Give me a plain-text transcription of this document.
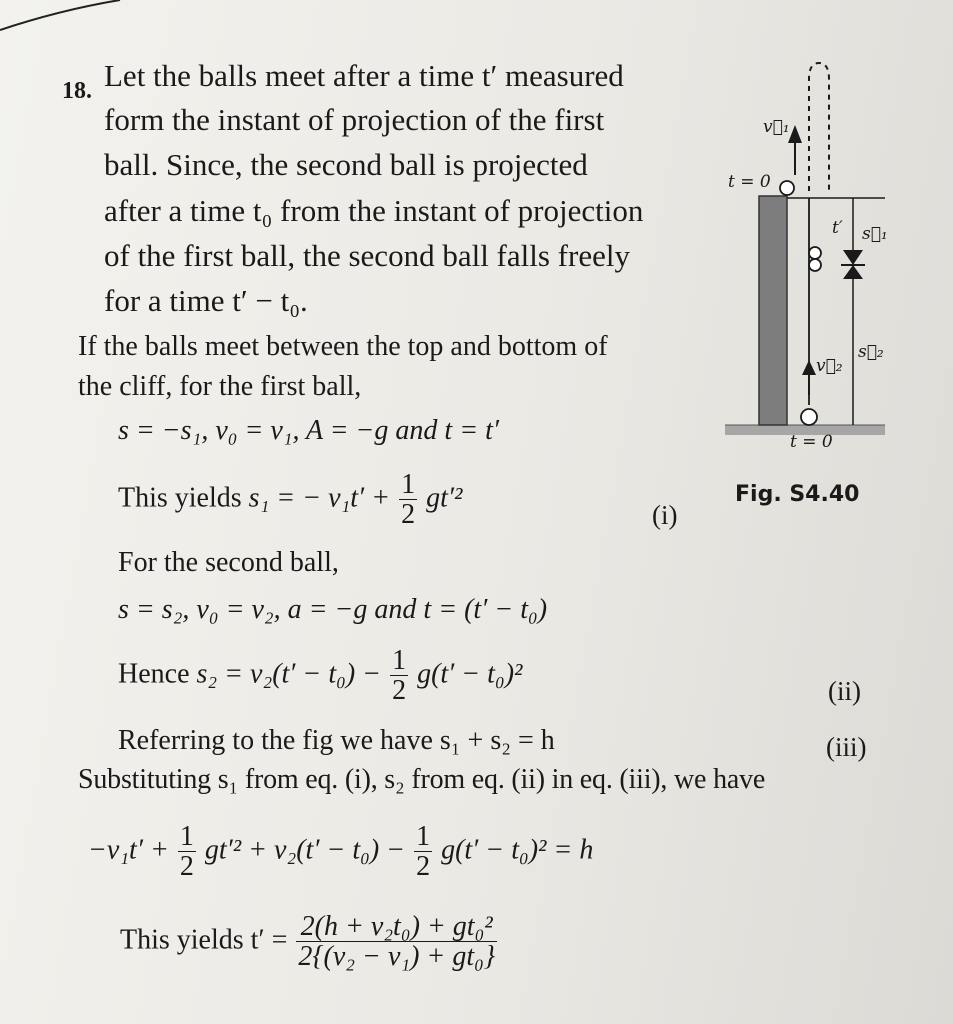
18. Let the balls meet after a time t′ measured
form the instant of projection of the first
ball. Since, the second ball is projected
after a time t₀ from the instant of projection
of the first ball, the second ball falls freely
for a time t′ − t₀.
If the balls meet between the top and bottom of
the cliff, for the first ball,
s = −s₁, v₀ = v₁, A = −g and t = t′
This yields s₁ = − $v_1t' + \frac{1}{2} gt'^2$
(i)
For the second ball,
s = s₂, v₀ = v₂, a = −g and t = (t′ − t₀)
Hence $s_2 = v_2(t' - t_0) - \frac{1}{2} g(t' - t_0)^2$
(ii)
Referring to the fig we have s₁ + s₂ = h	(iii)
Substituting s₁ from eq. (i), s₂ from eq. (ii) in eq. (iii), we have
$-v_1t' + \frac{1}{2} gt'^2 + v_2(t' - t_0) - \frac{1}{2} g(t' - t_0)^2 = h$
This yields $t' = \frac{\text{2(h + v₂t₀) + gt₀²}}{\text{2\{(v₂ − v₁) + gt₀\}}}$
v⃗₁
t = 0
t′ s⃗₁
v⃗₂
s⃗₂
t = 0
Fig. S4.40
